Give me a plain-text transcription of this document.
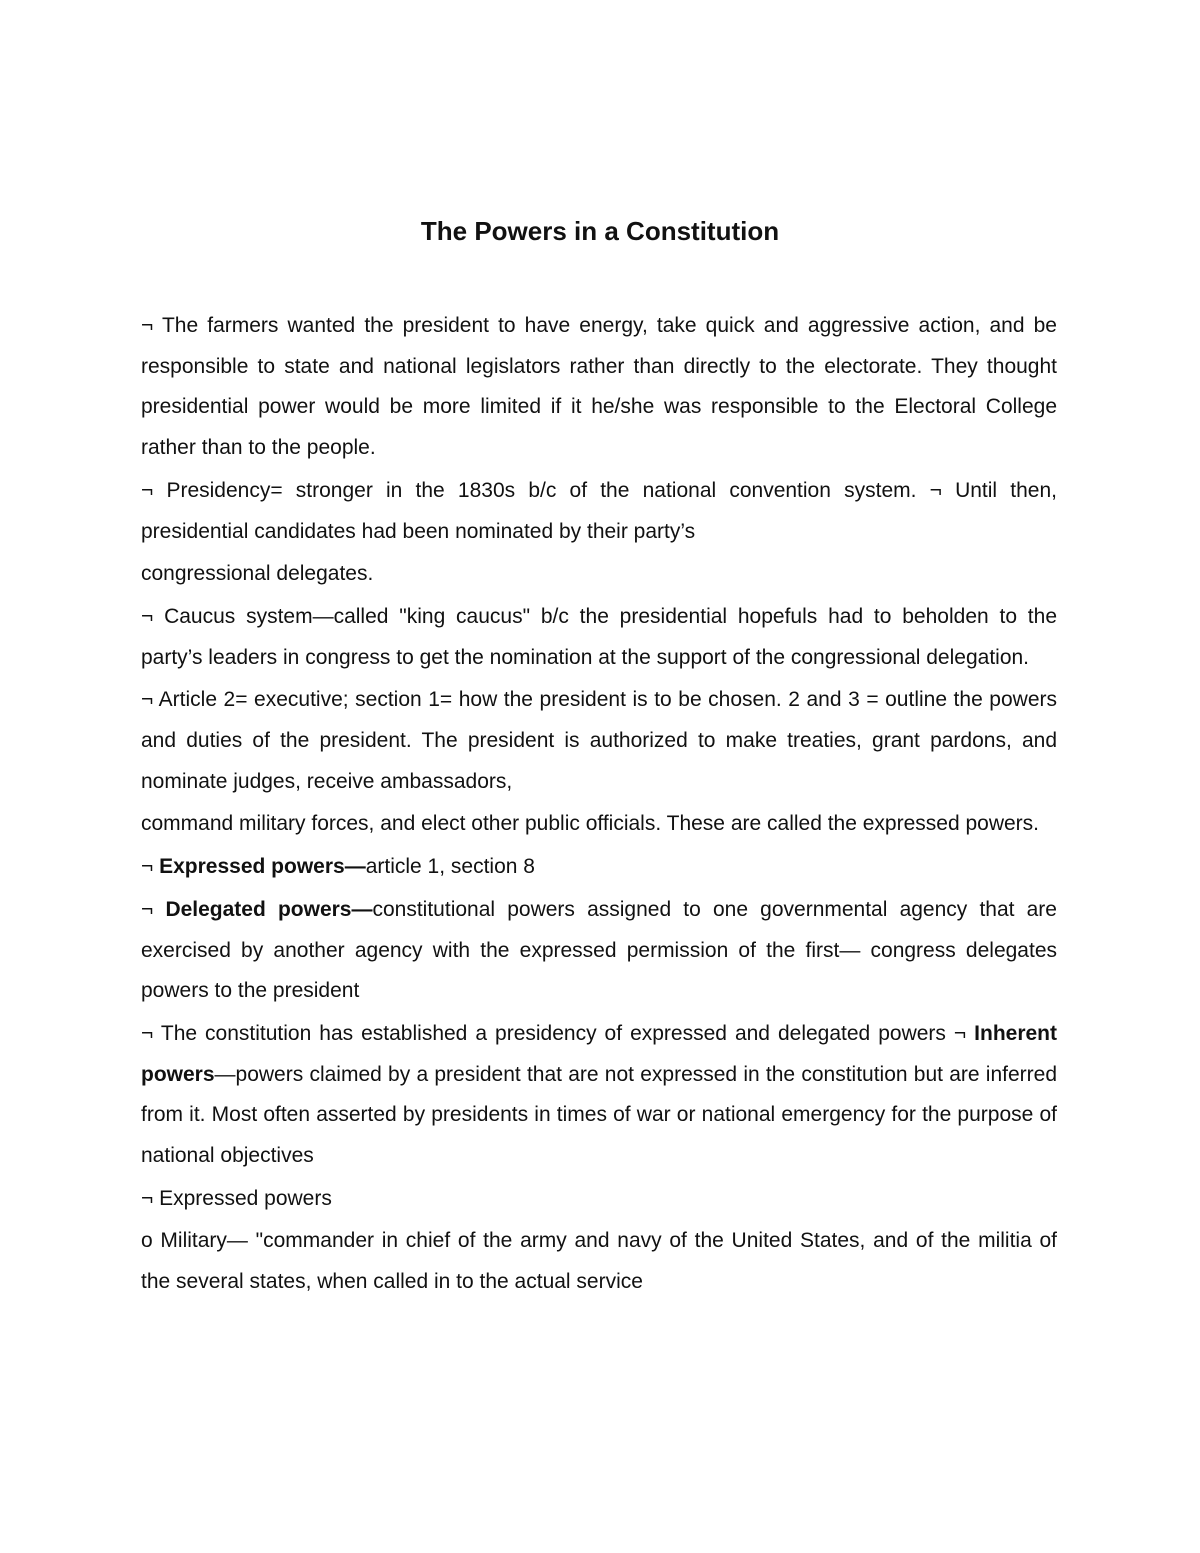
The Powers in a Constitution

¬ The farmers wanted the president to have energy, take quick and aggressive action, and be responsible to state and national legislators rather than directly to the electorate. They thought presidential power would be more limited if it he/she was responsible to the Electoral College rather than to the people.

¬ Presidency= stronger in the 1830s b/c of the national convention system. ¬ Until then, presidential candidates had been nominated by their party’s

congressional delegates.

¬ Caucus system—called "king caucus" b/c the presidential hopefuls had to beholden to the party’s leaders in congress to get the nomination at the support of the congressional delegation.

¬ Article 2= executive; section 1= how the president is to be chosen. 2 and 3 = outline the powers and duties of the president. The president is authorized to make treaties, grant pardons, and nominate judges, receive ambassadors,

command military forces, and elect other public officials. These are called the expressed powers.

¬ Expressed powers—article 1, section 8

¬ Delegated powers—constitutional powers assigned to one governmental agency that are exercised by another agency with the expressed permission of the first— congress delegates powers to the president

¬ The constitution has established a presidency of expressed and delegated powers ¬ Inherent powers—powers claimed by a president that are not expressed in the constitution but are inferred from it. Most often asserted by presidents in times of war or national emergency for the purpose of national objectives

¬ Expressed powers

o Military— "commander in chief of the army and navy of the United States, and of the militia of the several states, when called in to the actual service
